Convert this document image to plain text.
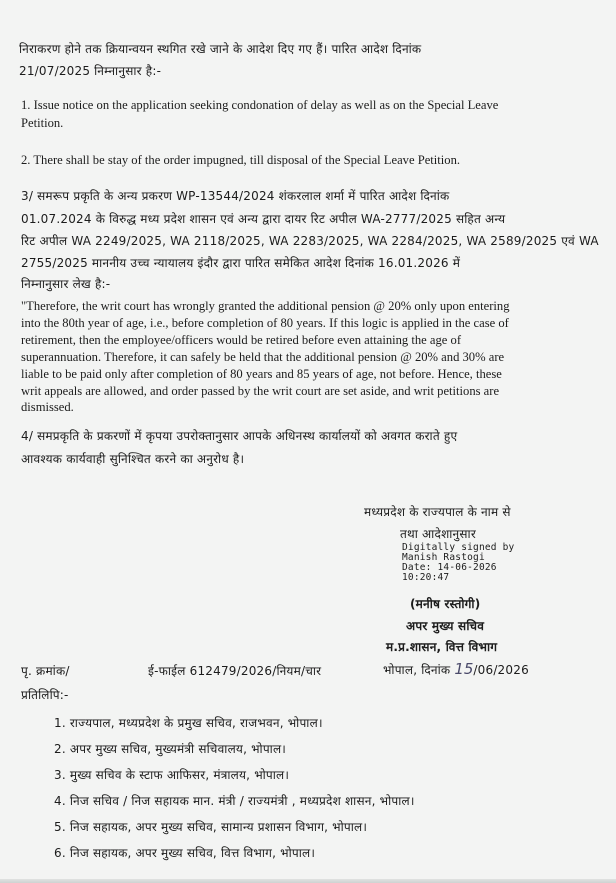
निराकरण होने तक क्रियान्वयन स्थगित रखे जाने के आदेश दिए गए हैं। पारित आदेश दिनांक
21/07/2025 निम्नानुसार है:-
1. Issue notice on the application seeking condonation of delay as well as on the Special Leave
Petition.
2. There shall be stay of the order impugned, till disposal of the Special Leave Petition.
3/ समरूप प्रकृति के अन्य प्रकरण WP-13544/2024 शंकरलाल शर्मा में पारित आदेश दिनांक
01.07.2024 के विरुद्ध मध्य प्रदेश शासन एवं अन्य द्वारा दायर रिट अपील WA-2777/2025 सहित अन्य
रिट अपील WA 2249/2025, WA 2118/2025, WA 2283/2025, WA 2284/2025, WA 2589/2025 एवं WA
2755/2025 माननीय उच्च न्यायालय इंदौर द्वारा पारित समेकित आदेश दिनांक 16.01.2026 में
निम्नानुसार लेख है:-
"Therefore, the writ court has wrongly granted the additional pension @ 20% only upon entering
into the 80th year of age, i.e., before completion of 80 years. If this logic is applied in the case of
retirement, then the employee/officers would be retired before even attaining the age of
superannuation. Therefore, it can safely be held that the additional pension @ 20% and 30% are
liable to be paid only after completion of 80 years and 85 years of age, not before. Hence, these
writ appeals are allowed, and order passed by the writ court are set aside, and writ petitions are
dismissed.
4/ समप्रकृति के प्रकरणों में कृपया उपरोक्तानुसार आपके अधिनस्थ कार्यालयों को अवगत कराते हुए
आवश्यक कार्यवाही सुनिश्चित करने का अनुरोध है।
मध्यप्रदेश के राज्यपाल के नाम से
तथा आदेशानुसार
Digitally signed by
Manish Rastogi
Date: 14-06-2026
10:20:47
(मनीष रस्तोगी)
अपर मुख्य सचिव
म.प्र.शासन, वित्त विभाग
पृ. क्रमांक/	ई-फाईल 612479/2026/नियम/चार	भोपाल, दिनांक 15/06/2026
प्रतिलिपि:-
1. राज्यपाल, मध्यप्रदेश के प्रमुख सचिव, राजभवन, भोपाल।
2. अपर मुख्य सचिव, मुख्यमंत्री सचिवालय, भोपाल।
3. मुख्य सचिव के स्टाफ आफिसर, मंत्रालय, भोपाल।
4. निज सचिव / निज सहायक मान. मंत्री / राज्यमंत्री , मध्यप्रदेश शासन, भोपाल।
5. निज सहायक, अपर मुख्य सचिव, सामान्य प्रशासन विभाग, भोपाल।
6. निज सहायक, अपर मुख्य सचिव, वित्त विभाग, भोपाल।
